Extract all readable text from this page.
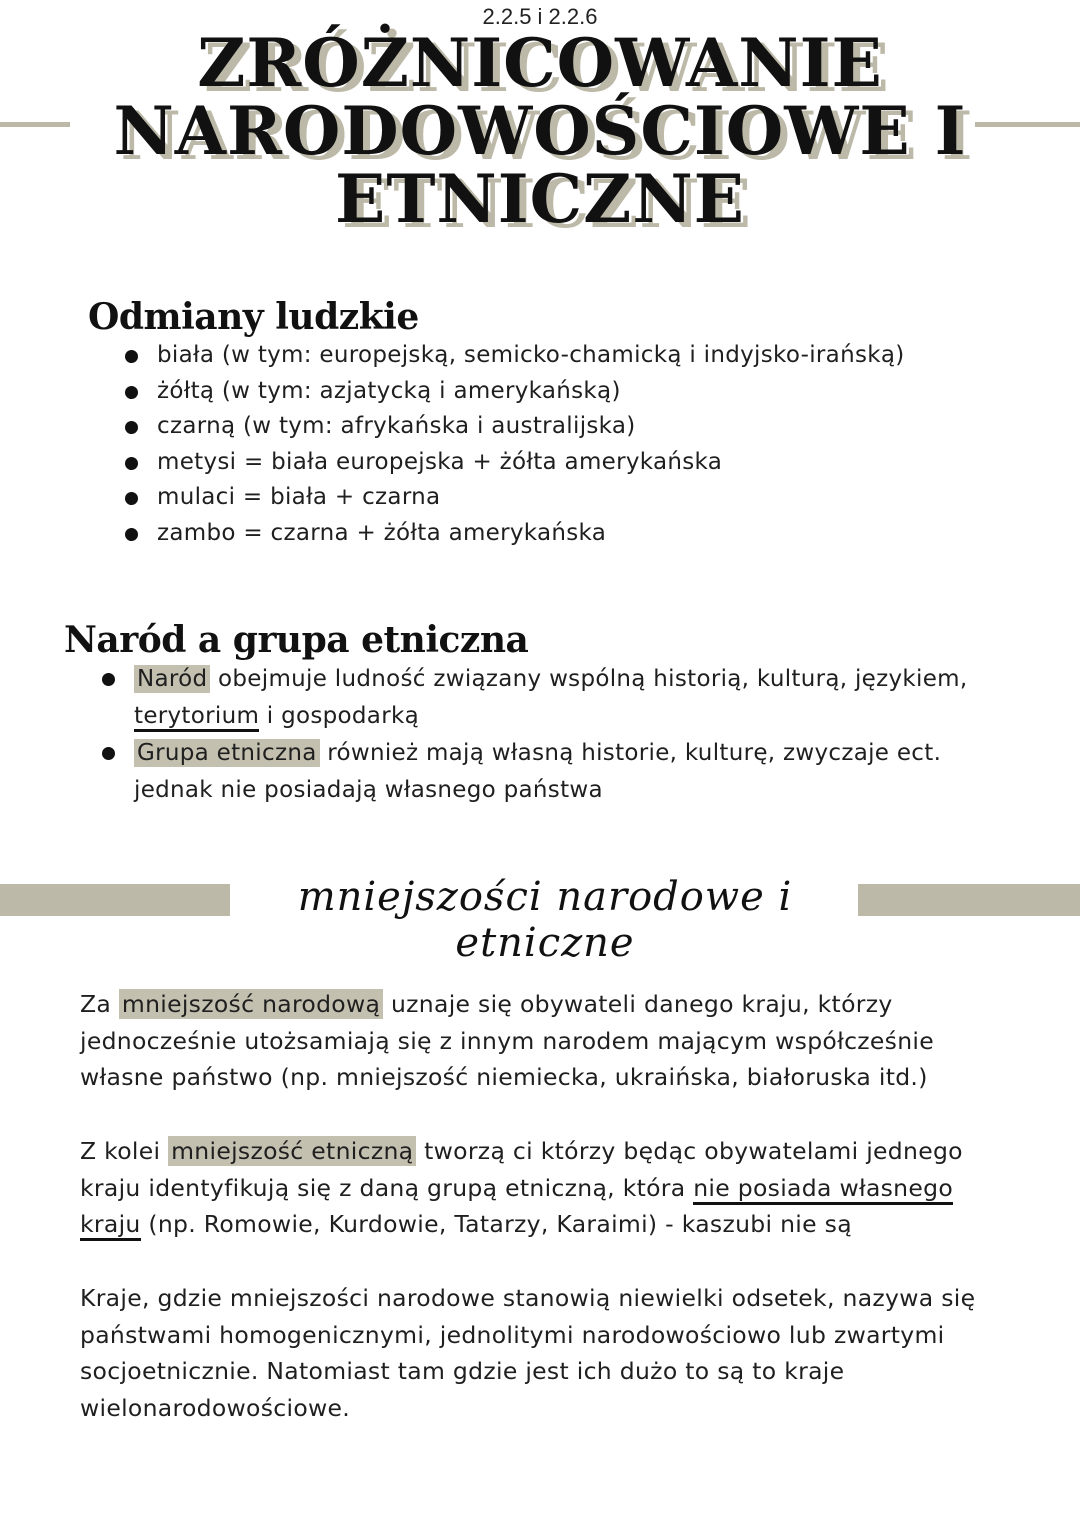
2.2.5 i 2.2.6
ZRÓŻNICOWANIE
NARODOWOŚCIOWE I
ETNICZNE
Odmiany ludzkie
biała (w tym: europejską, semicko-chamicką i indyjsko-irańską)
żółtą (w tym: azjatycką i amerykańską)
czarną (w tym: afrykańska i australijska)
metysi = biała europejska + żółta amerykańska
mulaci = biała + czarna
zambo = czarna + żółta amerykańska
Naród a grupa etniczna
Naród obejmuje ludność związany wspólną historią, kulturą, językiem,
terytorium i gospodarką
Grupa etniczna również mają własną historie, kulturę, zwyczaje ect.
jednak nie posiadają własnego państwa
mniejszości narodowe i etniczne
Za mniejszość narodową uznaje się obywateli danego kraju, którzy jednocześnie utożsamiają się z innym narodem mającym współcześnie własne państwo (np. mniejszość niemiecka, ukraińska, białoruska itd.)
Z kolei mniejszość etniczną tworzą ci którzy będąc obywatelami jednego kraju identyfikują się z daną grupą etniczną, która nie posiada własnego kraju (np. Romowie, Kurdowie, Tatarzy, Karaimi) - kaszubi nie są
Kraje, gdzie mniejszości narodowe stanowią niewielki odsetek, nazywa się państwami homogenicznymi, jednolitymi narodowościowo lub zwartymi socjoetnicznie. Natomiast tam gdzie jest ich dużo to są to kraje wielonarodowościowe.
